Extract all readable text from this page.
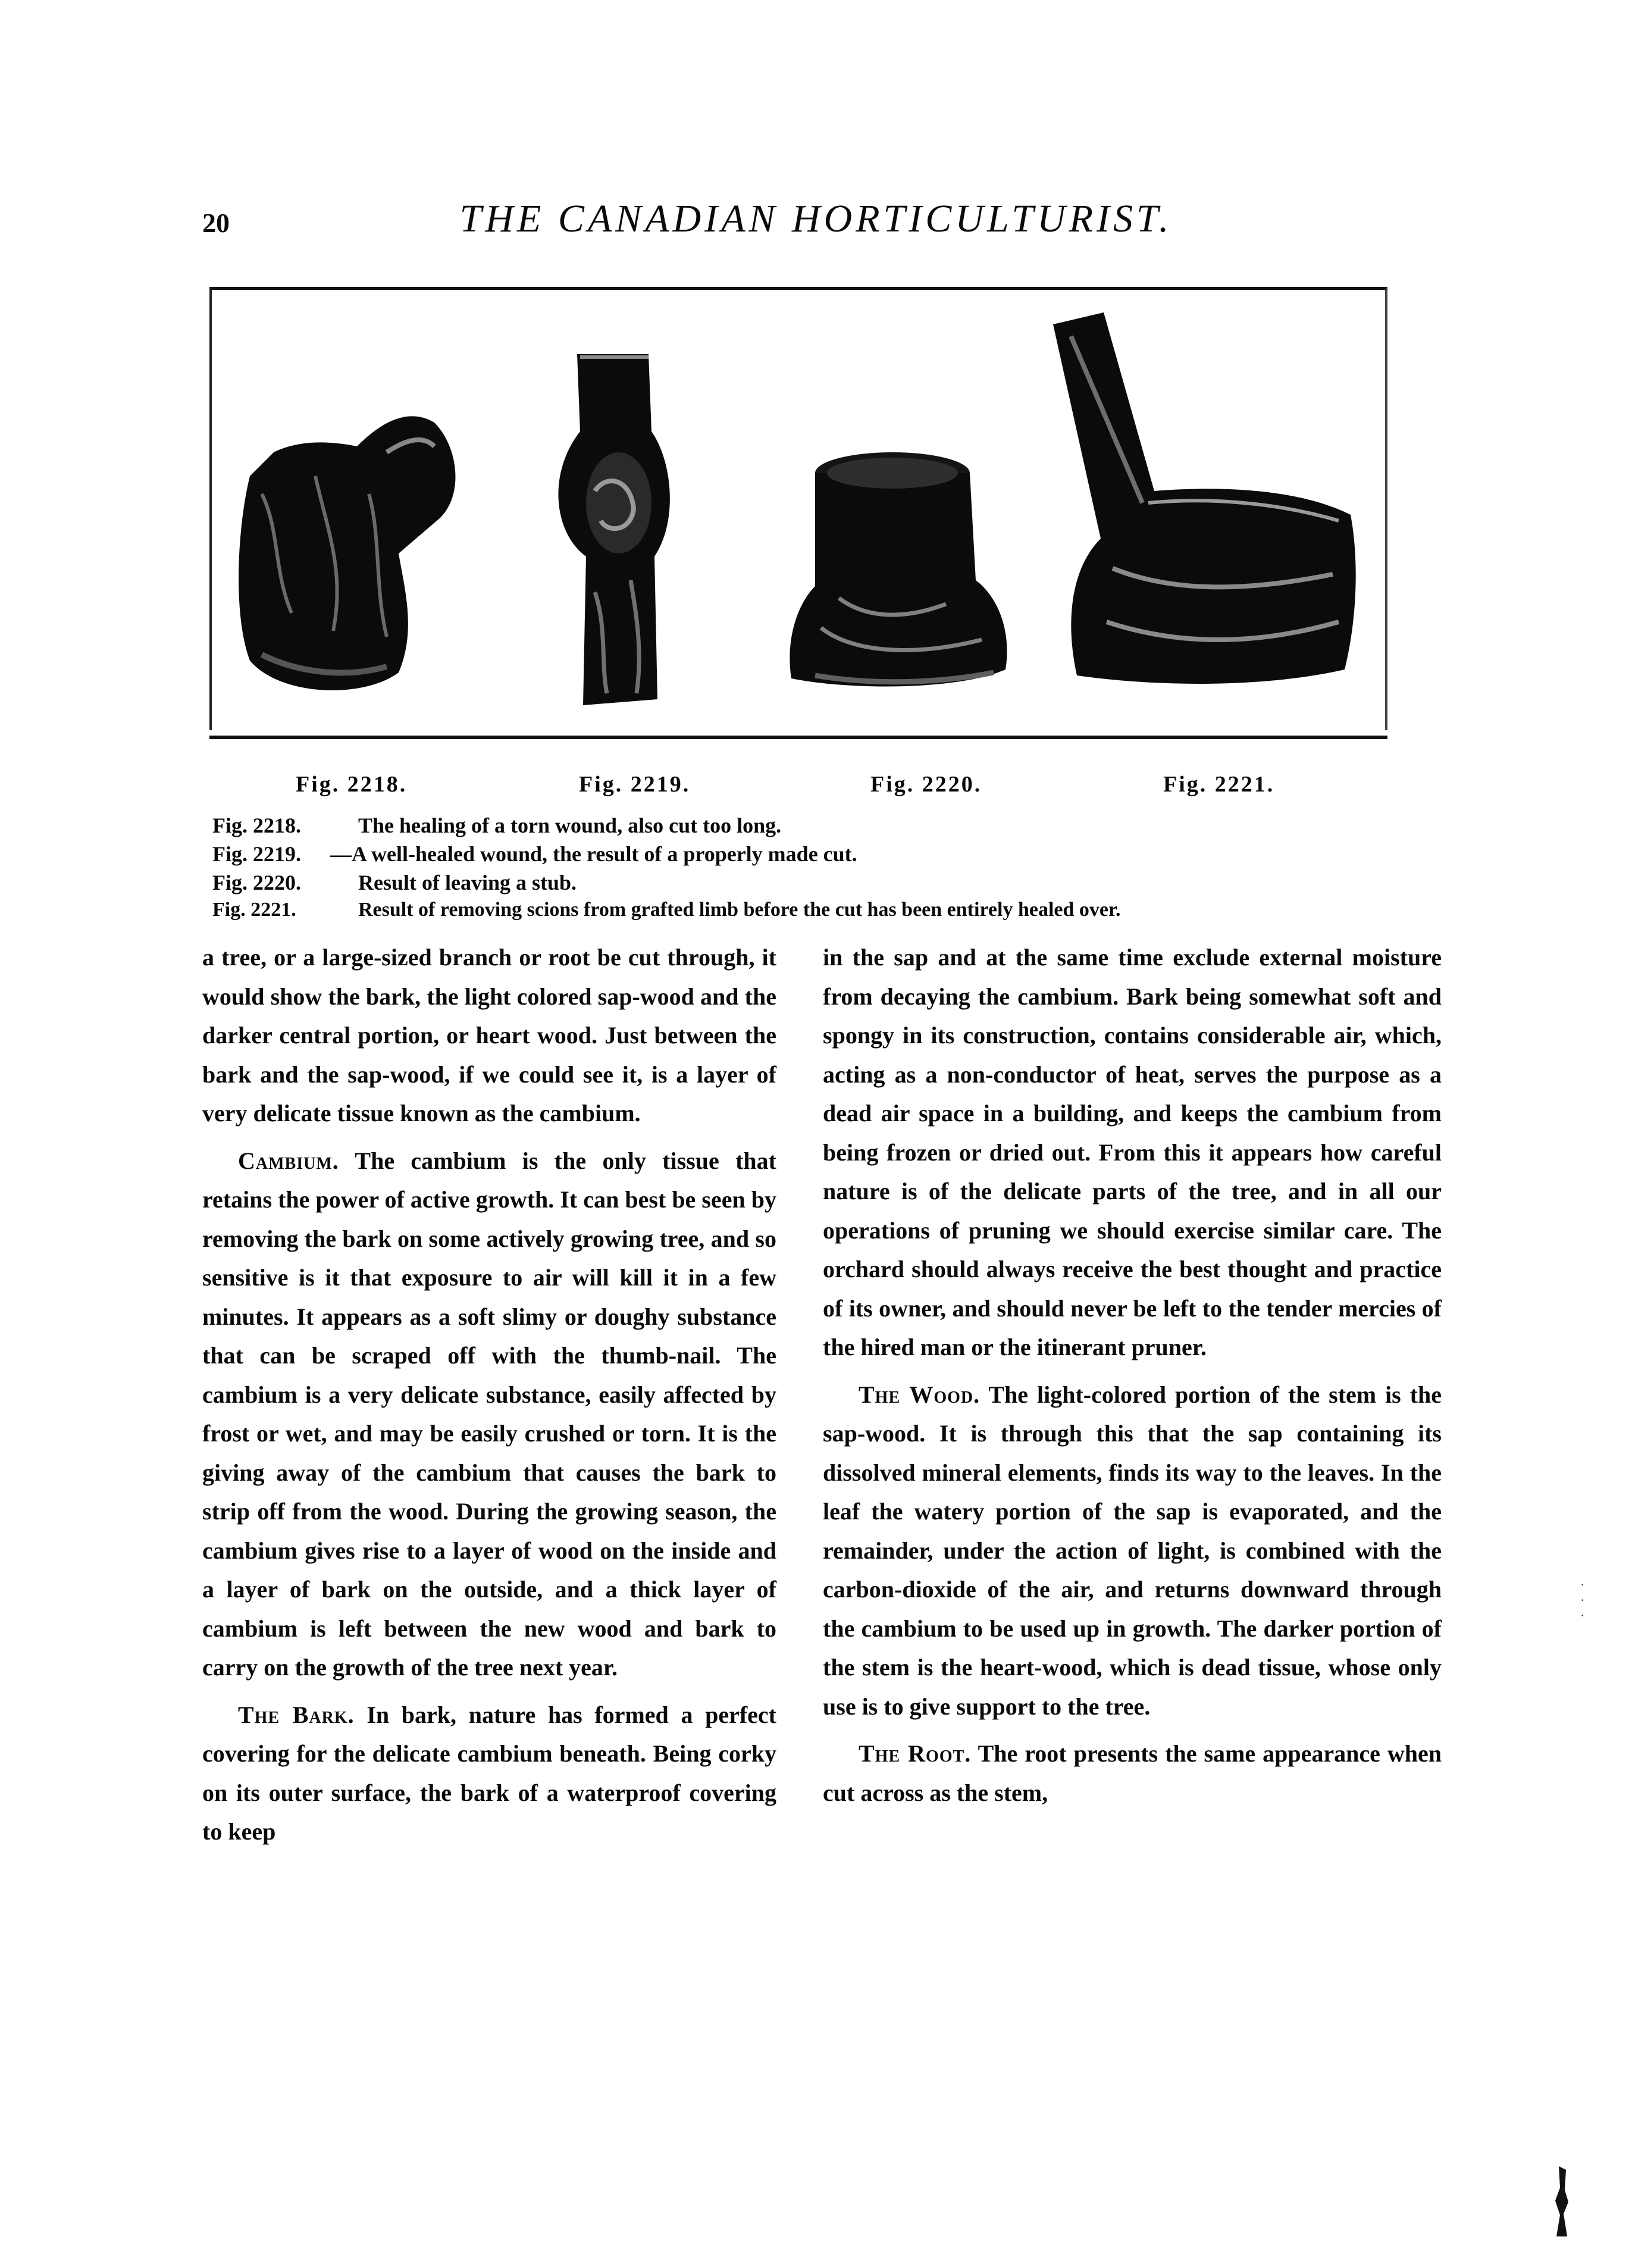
20	THE CANADIAN HORTICULTURIST.
Fig. 2218.	Fig. 2219.	Fig. 2220.	Fig. 2221.
Fig. 2218.	The healing of a torn wound, also cut too long.
Fig. 2219. —A well-healed wound, the result of a properly made cut.
Fig. 2220.	Result of leaving a stub.
Fig. 2221.	Result of removing scions from grafted limb before the cut has been entirely healed over.

a tree, or a large-sized branch or root be cut through, it would show the bark, the light colored sap-wood and the darker central portion, or heart wood. Just between the bark and the sap-wood, if we could see it, is a layer of very delicate tissue known as the cambium.

Cambium. The cambium is the only tissue that retains the power of active growth. It can best be seen by removing the bark on some actively growing tree, and so sensitive is it that exposure to air will kill it in a few minutes. It appears as a soft slimy or doughy substance that can be scraped off with the thumb-nail. The cambium is a very delicate substance, easily affected by frost or wet, and may be easily crushed or torn. It is the giving away of the cambium that causes the bark to strip off from the wood. During the growing season, the cambium gives rise to a layer of wood on the inside and a layer of bark on the outside, and a thick layer of cambium is left between the new wood and bark to carry on the growth of the tree next year.

The Bark. In bark, nature has formed a perfect covering for the delicate cambium beneath. Being corky on its outer surface, the bark of a waterproof covering to keep

in the sap and at the same time exclude external moisture from decaying the cambium. Bark being somewhat soft and spongy in its construction, contains considerable air, which, acting as a non-conductor of heat, serves the purpose as a dead air space in a building, and keeps the cambium from being frozen or dried out. From this it appears how careful nature is of the delicate parts of the tree, and in all our operations of pruning we should exercise similar care. The orchard should always receive the best thought and practice of its owner, and should never be left to the tender mercies of the hired man or the itinerant pruner.

The Wood. The light-colored portion of the stem is the sap-wood. It is through this that the sap containing its dissolved mineral elements, finds its way to the leaves. In the leaf the watery portion of the sap is evaporated, and the remainder, under the action of light, is combined with the carbon-dioxide of the air, and returns downward through the cambium to be used up in growth. The darker portion of the stem is the heart-wood, which is dead tissue, whose only use is to give support to the tree.

The Root. The root presents the same appearance when cut across as the stem,

·
·
·
